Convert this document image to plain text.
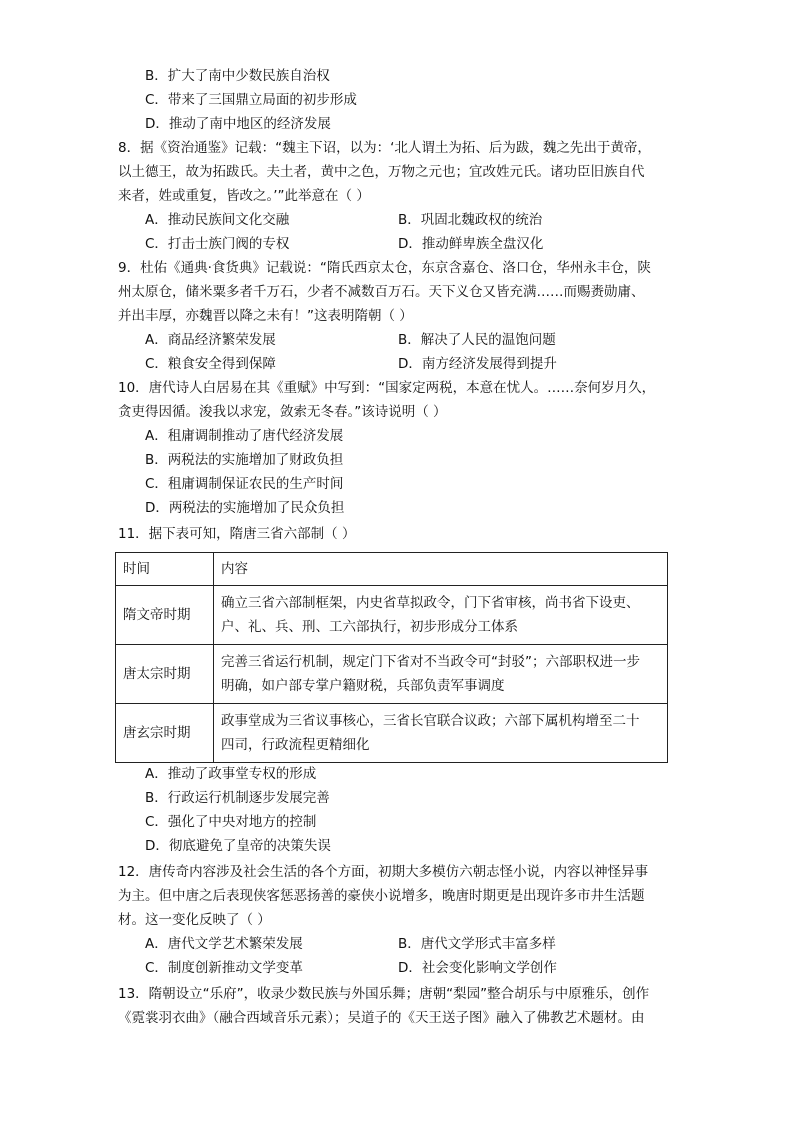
B．扩大了南中少数民族自治权
C．带来了三国鼎立局面的初步形成
D．推动了南中地区的经济发展
8．据《资治通鉴》记载：“魏主下诏，以为：‘北人谓土为拓、后为跋，魏之先出于黄帝，
以土德王，故为拓跋氏。夫土者，黄中之色，万物之元也；宜改姓元氏。诸功臣旧族自代
来者，姓或重复，皆改之。’”此举意在（ ）
A．推动民族间文化交融	B．巩固北魏政权的统治
C．打击士族门阀的专权	D．推动鲜卑族全盘汉化
9．杜佑《通典·食货典》记载说：“隋氏西京太仓，东京含嘉仓、洛口仓，华州永丰仓，陕
州太原仓，储米粟多者千万石，少者不减数百万石。天下义仓又皆充满……而赐赉勋庸、
并出丰厚，亦魏晋以降之未有！”这表明隋朝（ ）
A．商品经济繁荣发展	B．解决了人民的温饱问题
C．粮食安全得到保障	D．南方经济发展得到提升
10．唐代诗人白居易在其《重赋》中写到：“国家定两税，本意在忧人。……奈何岁月久，
贪吏得因循。浚我以求宠，敛索无冬春。”该诗说明（ ）
A．租庸调制推动了唐代经济发展
B．两税法的实施增加了财政负担
C．租庸调制保证农民的生产时间
D．两税法的实施增加了民众负担
11．据下表可知，隋唐三省六部制（ ）
时间	内容
隋文帝时期	确立三省六部制框架，内史省草拟政令，门下省审核，尚书省下设吏、
户、礼、兵、刑、工六部执行，初步形成分工体系

唐太宗时期	完善三省运行机制，规定门下省对不当政令可“封驳”；六部职权进一步
明确，如户部专掌户籍财税，兵部负责军事调度

唐玄宗时期	政事堂成为三省议事核心，三省长官联合议政；六部下属机构增至二十
四司，行政流程更精细化
A．推动了政事堂专权的形成
B．行政运行机制逐步发展完善
C．强化了中央对地方的控制
D．彻底避免了皇帝的决策失误
12．唐传奇内容涉及社会生活的各个方面，初期大多模仿六朝志怪小说，内容以神怪异事
为主。但中唐之后表现侠客惩恶扬善的豪侠小说增多，晚唐时期更是出现许多市井生活题
材。这一变化反映了（ ）
A．唐代文学艺术繁荣发展	B．唐代文学形式丰富多样
C．制度创新推动文学变革	D．社会变化影响文学创作
13．隋朝设立“乐府”，收录少数民族与外国乐舞；唐朝“梨园”整合胡乐与中原雅乐，创作
《霓裳羽衣曲》（融合西域音乐元素）；吴道子的《天王送子图》融入了佛教艺术题材。由
